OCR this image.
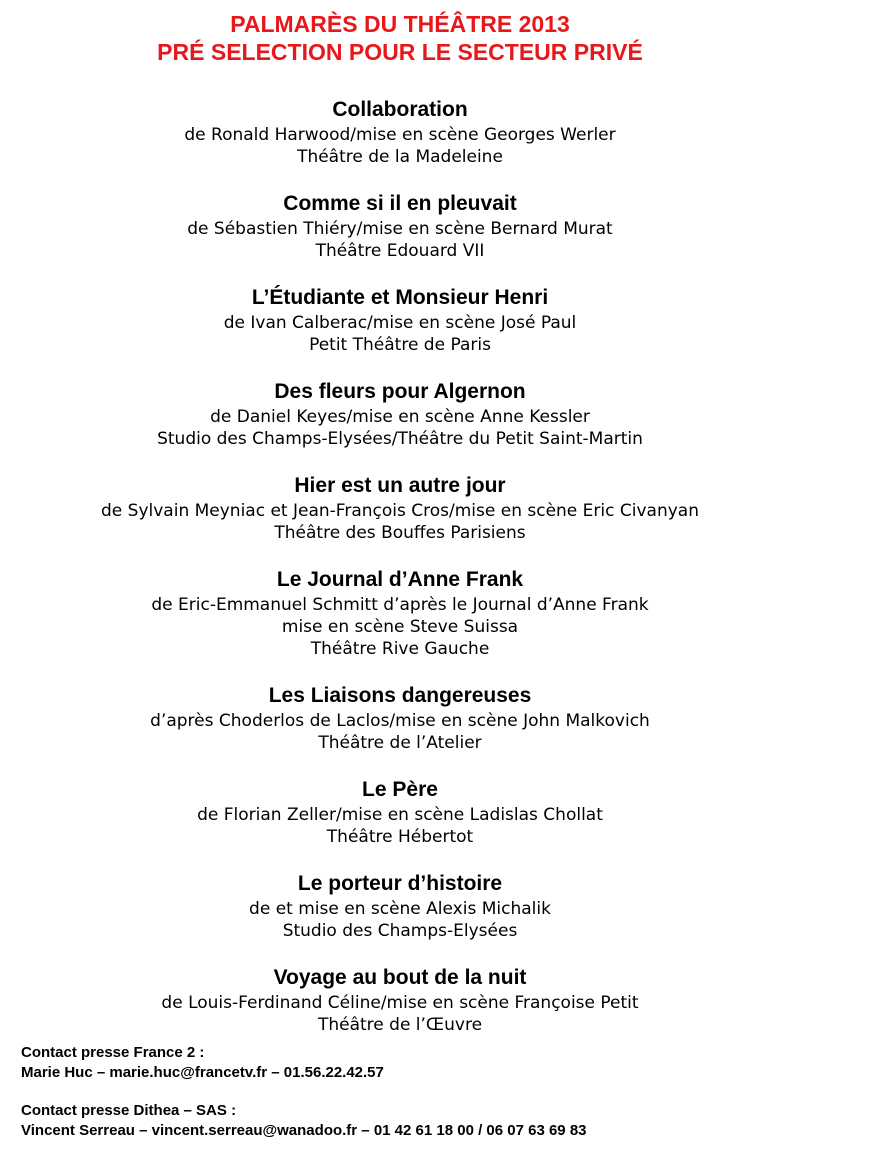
PALMARÈS DU THÉÂTRE 2013
PRÉ SELECTION POUR LE SECTEUR PRIVÉ
Collaboration
de Ronald Harwood/mise en scène Georges Werler
Théâtre de la Madeleine
Comme si il en pleuvait
de Sébastien Thiéry/mise en scène Bernard Murat
Théâtre Edouard VII
L’Étudiante et Monsieur Henri
de Ivan Calberac/mise en scène José Paul
Petit Théâtre de Paris
Des fleurs pour Algernon
de Daniel Keyes/mise en scène Anne Kessler
Studio des Champs-Elysées/Théâtre du Petit Saint-Martin
Hier est un autre jour
de Sylvain Meyniac et Jean-François Cros/mise en scène Eric Civanyan
Théâtre des Bouffes Parisiens
Le Journal d’Anne Frank
de Eric-Emmanuel Schmitt d’après le Journal d’Anne Frank
mise en scène Steve Suissa
Théâtre Rive Gauche
Les Liaisons dangereuses
d’après Choderlos de Laclos/mise en scène John Malkovich
Théâtre de l’Atelier
Le Père
de Florian Zeller/mise en scène Ladislas Chollat
Théâtre Hébertot
Le porteur d’histoire
de et mise en scène Alexis Michalik
Studio des Champs-Elysées
Voyage au bout de la nuit
de Louis-Ferdinand Céline/mise en scène Françoise Petit
Théâtre de l’Œuvre
Contact presse France 2 :
Marie Huc – marie.huc@francetv.fr – 01.56.22.42.57
Contact presse Dithea – SAS :
Vincent Serreau – vincent.serreau@wanadoo.fr – 01 42 61 18 00 / 06 07 63 69 83
